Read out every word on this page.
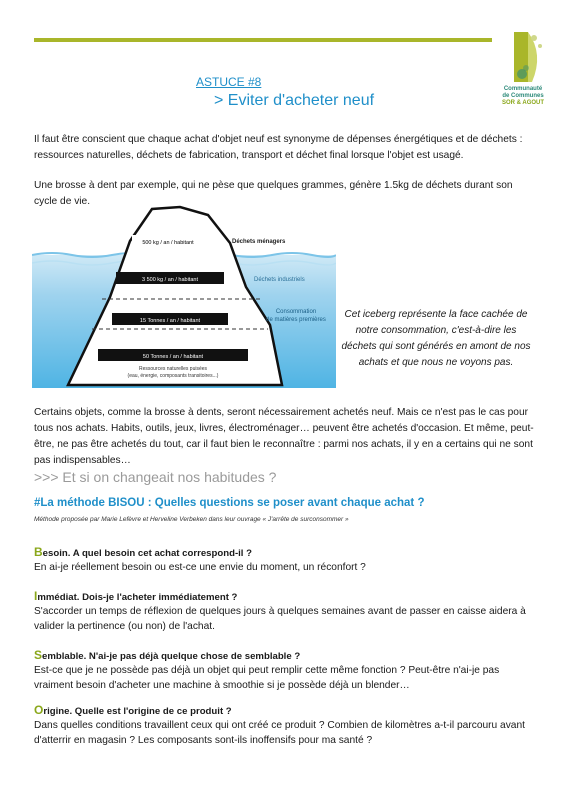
Communauté
de Communes
SOR & AGOUT
ASTUCE #8
> Eviter d'acheter neuf

Il faut être conscient que chaque achat d'objet neuf est synonyme de dépenses énergétiques et de déchets : ressources naturelles, déchets de fabrication, transport et déchet final lorsque l'objet est usagé.

Une brosse à dent par exemple, qui ne pèse que quelques grammes, génère 1.5kg de déchets durant son cycle de vie.

500 kg / an / habitant	Déchets ménagers
3 500 kg / an / habitant	Déchets industriels
15 Tonnes / an / habitant
Consommation
de matières premières
50 Tonnes / an / habitant
Ressources naturelles puisées
(eau, énergie, composants transitoires...)
Cet iceberg représente la face cachée de notre consommation, c'est-à-dire les déchets qui sont générés en amont de nos achats et que nous ne voyons pas.

Certains objets, comme la brosse à dents, seront nécessairement achetés neuf. Mais ce n'est pas le cas pour tous nos achats. Habits, outils, jeux, livres, électroménager… peuvent être achetés d'occasion. Et même, peut-être, ne pas être achetés du tout, car il faut bien le reconnaître : parmi nos achats, il y en a certains qui ne sont pas indispensables…

>>> Et si on changeait nos habitudes ?
#La méthode BISOU : Quelles questions se poser avant chaque achat ?
Méthode proposée par Marie Lefèvre et Herveline Verbeken dans leur ouvrage « J'arrête de surconsommer »
Besoin. A quel besoin cet achat correspond-il ?
En ai-je réellement besoin ou est-ce une envie du moment, un réconfort ?
Immédiat. Dois-je l'acheter immédiatement ?
S'accorder un temps de réflexion de quelques jours à quelques semaines avant de passer en caisse aidera à valider la pertinence (ou non) de l'achat.
Semblable. N'ai-je pas déjà quelque chose de semblable ?
Est-ce que je ne possède pas déjà un objet qui peut remplir cette même fonction ? Peut-être n'ai-je pas vraiment besoin d'acheter une machine à smoothie si je possède déjà un blender…
Origine. Quelle est l'origine de ce produit ?
Dans quelles conditions travaillent ceux qui ont créé ce produit ? Combien de kilomètres a-t-il parcouru avant d'atterrir en magasin ? Les composants sont-ils inoffensifs pour ma santé ?
